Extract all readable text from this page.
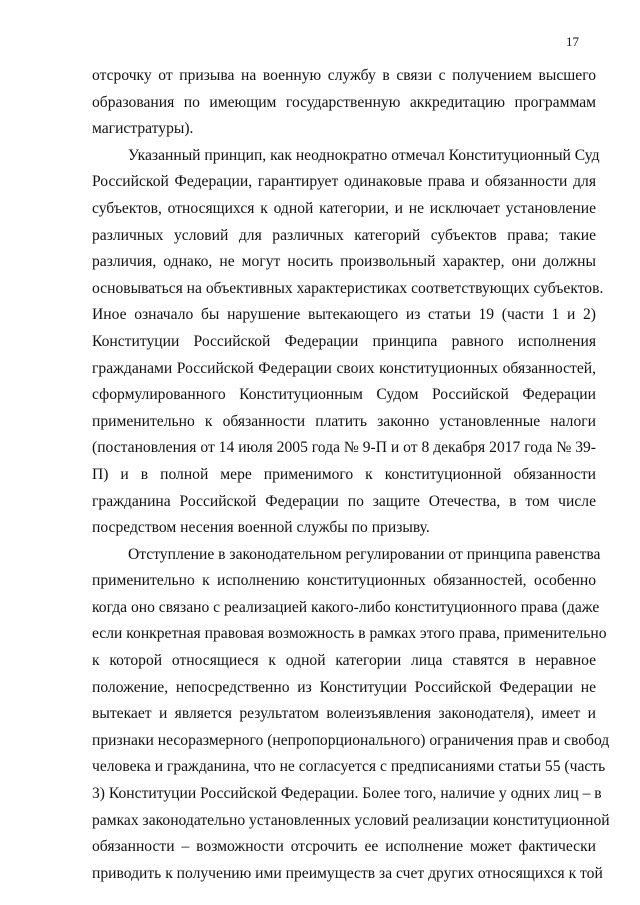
17
отсрочку от призыва на военную службу в связи с получением высшего
образования по имеющим государственную аккредитацию программам
магистратуры).
Указанный принцип, как неоднократно отмечал Конституционный Суд
Российской Федерации, гарантирует одинаковые права и обязанности для
субъектов, относящихся к одной категории, и не исключает установление
различных условий для различных категорий субъектов права; такие
различия, однако, не могут носить произвольный характер, они должны
основываться на объективных характеристиках соответствующих субъектов.
Иное означало бы нарушение вытекающего из статьи 19 (части 1 и 2)
Конституции Российской Федерации принципа равного исполнения
гражданами Российской Федерации своих конституционных обязанностей,
сформулированного Конституционным Судом Российской Федерации
применительно к обязанности платить законно установленные налоги
(постановления от 14 июля 2005 года № 9-П и от 8 декабря 2017 года № 39-
П) и в полной мере применимого к конституционной обязанности
гражданина Российской Федерации по защите Отечества, в том числе
посредством несения военной службы по призыву.
Отступление в законодательном регулировании от принципа равенства
применительно к исполнению конституционных обязанностей, особенно
когда оно связано с реализацией какого-либо конституционного права (даже
если конкретная правовая возможность в рамках этого права, применительно
к которой относящиеся к одной категории лица ставятся в неравное
положение, непосредственно из Конституции Российской Федерации не
вытекает и является результатом волеизъявления законодателя), имеет и
признаки несоразмерного (непропорционального) ограничения прав и свобод
человека и гражданина, что не согласуется с предписаниями статьи 55 (часть
3) Конституции Российской Федерации. Более того, наличие у одних лиц – в
рамках законодательно установленных условий реализации конституционной
обязанности – возможности отсрочить ее исполнение может фактически
приводить к получению ими преимуществ за счет других относящихся к той
